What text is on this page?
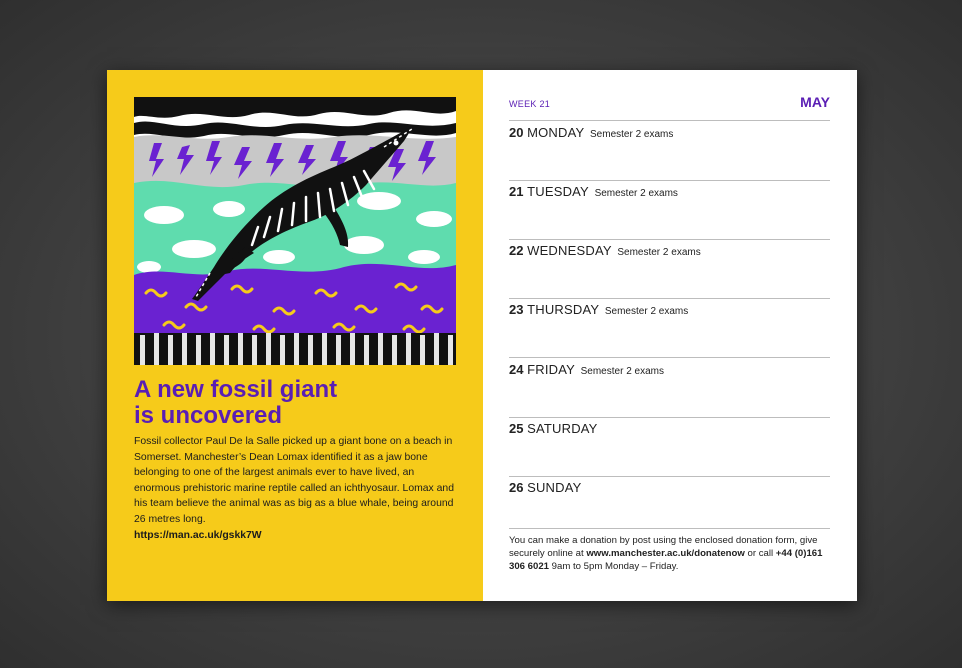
A new fossil giant
is uncovered
Fossil collector Paul De la Salle picked up a giant bone on a beach in Somerset. Manchester’s Dean Lomax identified it as a jaw bone belonging to one of the largest animals ever to have lived, an enormous prehistoric marine reptile called an ichthyosaur. Lomax and his team believe the animal was as big as a blue whale, being around 26 metres long.
https://man.ac.uk/gskk7W
WEEK 21	MAY
20 MONDAY Semester 2 exams
21 TUESDAY Semester 2 exams
22 WEDNESDAY Semester 2 exams
23 THURSDAY Semester 2 exams
24 FRIDAY Semester 2 exams
25 SATURDAY
26 SUNDAY
You can make a donation by post using the enclosed donation form, give securely online at www.manchester.ac.uk/donatenow or call +44 (0)161 306 6021 9am to 5pm Monday – Friday.
